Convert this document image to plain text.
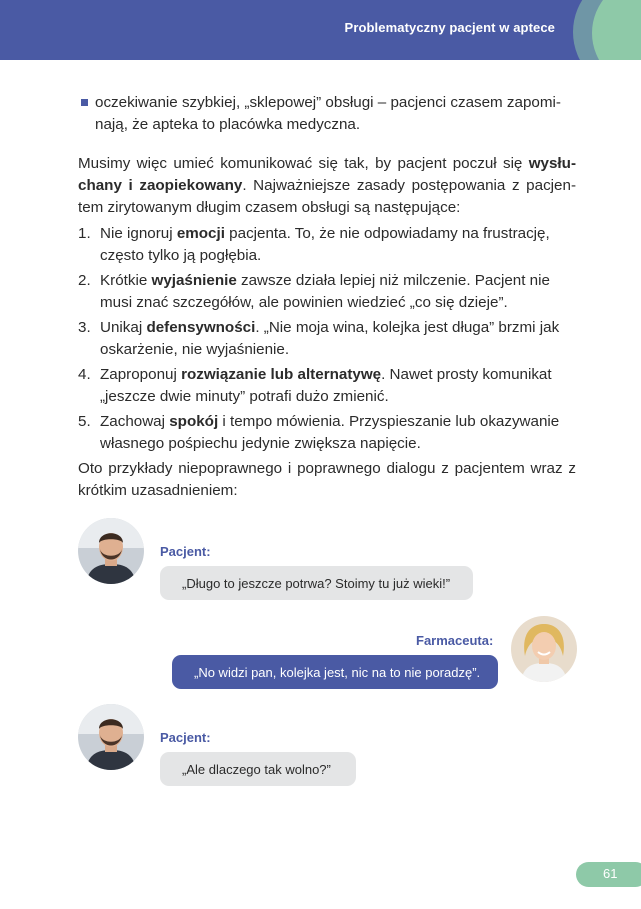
Problematyczny pacjent w aptece
oczekiwanie szybkiej, „sklepowej” obsługi – pacjenci czasem zapominają, że apteka to placówka medyczna.

Musimy więc umieć komunikować się tak, by pacjent poczuł się wysłuchany i zaopiekowany. Najważniejsze zasady postępowania z pacjentem zirytowanym długim czasem obsługi są następujące:

1. Nie ignoruj emocji pacjenta. To, że nie odpowiadamy na frustrację, często tylko ją pogłębia.
2. Krótkie wyjaśnienie zawsze działa lepiej niż milczenie. Pacjent nie musi znać szczegółów, ale powinien wiedzieć „co się dzieje”.
3. Unikaj defensywności. „Nie moja wina, kolejka jest długa” brzmi jak oskarżenie, nie wyjaśnienie.
4. Zaproponuj rozwiązanie lub alternatywę. Nawet prosty komunikat „jeszcze dwie minuty” potrafi dużo zmienić.
5. Zachowaj spokój i tempo mówienia. Przyspieszanie lub okazywanie własnego pośpiechu jedynie zwiększa napięcie.

Oto przykłady niepoprawnego i poprawnego dialogu z pacjentem wraz z krótkim uzasadnieniem:

Pacjent:
„Długo to jeszcze potrwa? Stoimy tu już wieki!”
Farmaceuta:
„No widzi pan, kolejka jest, nic na to nie poradzę”.
Pacjent:
„Ale dlaczego tak wolno?”
61
